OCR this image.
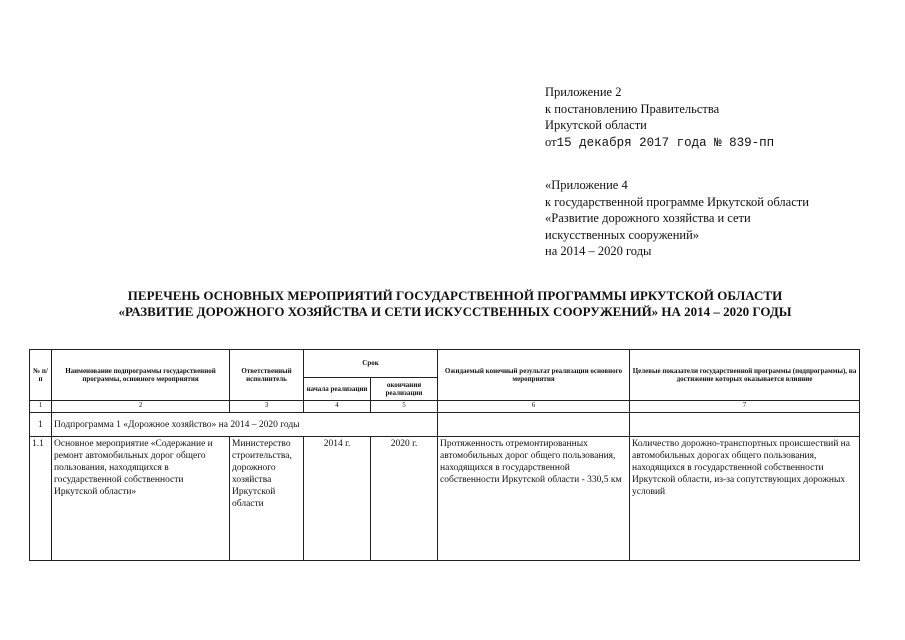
Приложение 2
к постановлению Правительства
Иркутской области
от15 декабря 2017 года № 839-пп
«Приложение 4
к государственной программе Иркутской области
«Развитие дорожного хозяйства и сети
искусственных сооружений»
на 2014 – 2020 годы
ПЕРЕЧЕНЬ ОСНОВНЫХ МЕРОПРИЯТИЙ ГОСУДАРСТВЕННОЙ ПРОГРАММЫ ИРКУТСКОЙ ОБЛАСТИ
«РАЗВИТИЕ ДОРОЖНОГО ХОЗЯЙСТВА И СЕТИ ИСКУССТВЕННЫХ СООРУЖЕНИЙ» НА 2014 – 2020 ГОДЫ
№ п/п	Наименование подпрограммы государственной программы, основного мероприятия	Ответственный исполнитель	Срок		Ожидаемый конечный результат реализации основного мероприятия	Целевые показатели государственной программы (подпрограммы), на достижение которых оказывается влияние
			начала реализации	окончания реализации		
1	2	3	4	5	6	7
1	Подпрограмма 1 «Дорожное хозяйство» на 2014 – 2020 годы					
1.1	Основное мероприятие «Содержание и ремонт автомобильных дорог общего пользования, находящихся в государственной собственности Иркутской области»	Министерство строительства, дорожного хозяйства Иркутской области	2014 г.	2020 г.	Протяженность отремонтированных автомобильных дорог общего пользования, находящихся в государственной собственности Иркутской области - 330,5 км	Количество дорожно-транспортных происшествий на автомобильных дорогах общего пользования, находящихся в государственной собственности Иркутской области, из-за сопутствующих дорожных условий
